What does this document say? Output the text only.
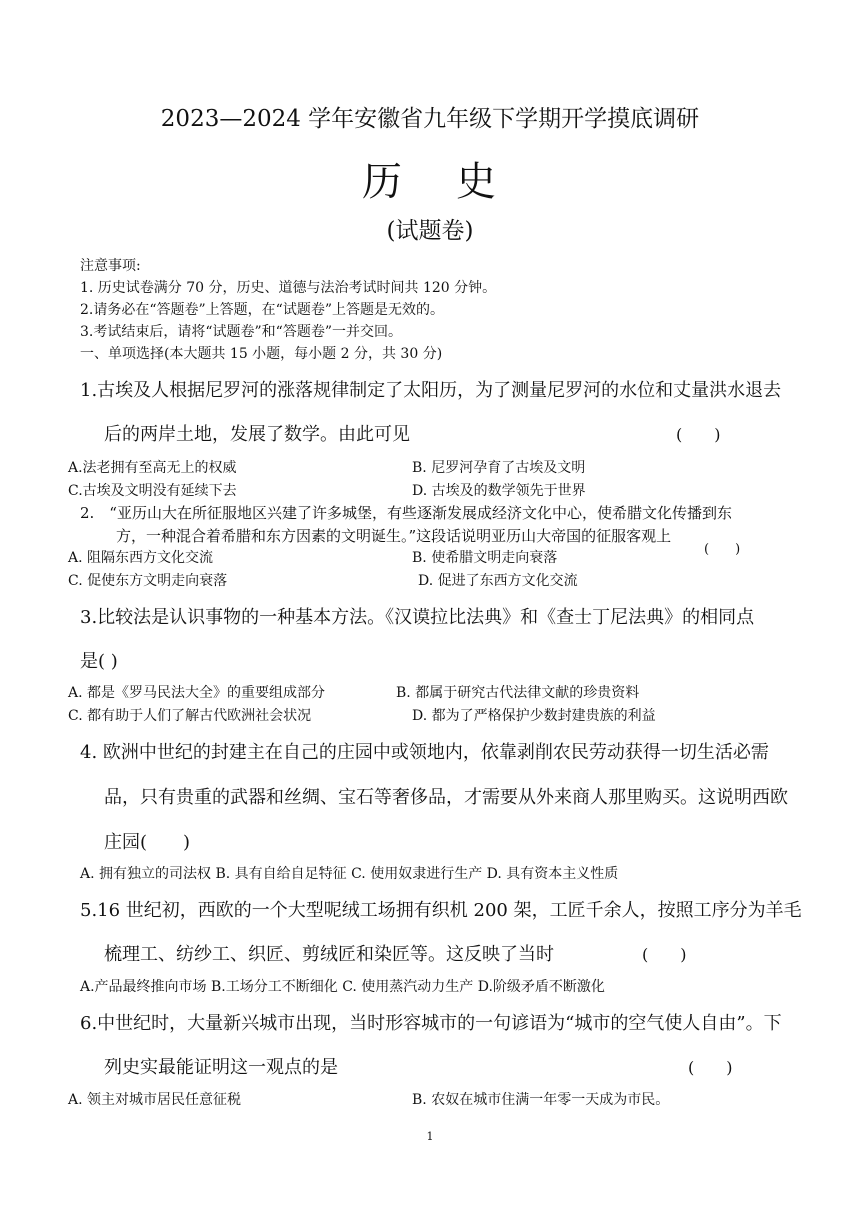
2023—2024 学年安徽省九年级下学期开学摸底调研
历 史
(试题卷)
注意事项:
1. 历史试卷满分 70 分，历史、道德与法治考试时间共 120 分钟。
2.请务必在“答题卷”上答题，在“试题卷”上答题是无效的。
3.考试结束后，请将“试题卷”和“答题卷”一并交回。
一、单项选择(本大题共 15 小题，每小题 2 分，共 30 分)
1.古埃及人根据尼罗河的涨落规律制定了太阳历，为了测量尼罗河的水位和丈量洪水退去
后的两岸土地，发展了数学。由此可见	(　　)
A.法老拥有至高无上的权威	B. 尼罗河孕育了古埃及文明
C.古埃及文明没有延续下去	D. 古埃及的数学领先于世界
2.　“亚历山大在所征服地区兴建了许多城堡，有些逐渐发展成经济文化中心，使希腊文化传播到东
方，一种混合着希腊和东方因素的文明诞生。”这段话说明亚历山大帝国的征服客观上
(　　)
A. 阻隔东西方文化交流	B. 使希腊文明走向衰落
C. 促使东方文明走向衰落	D. 促进了东西方文化交流
3.比较法是认识事物的一种基本方法。《汉谟拉比法典》和《查士丁尼法典》的相同点
是( )
A. 都是《罗马民法大全》的重要组成部分	B. 都属于研究古代法律文献的珍贵资料
C. 都有助于人们了解古代欧洲社会状况	D. 都为了严格保护少数封建贵族的利益
4. 欧洲中世纪的封建主在自己的庄园中或领地内，依靠剥削农民劳动获得一切生活必需
品，只有贵重的武器和丝绸、宝石等奢侈品，才需要从外来商人那里购买。这说明西欧
庄园(　　)
A. 拥有独立的司法权 B. 具有自给自足特征 C. 使用奴隶进行生产 D. 具有资本主义性质
5.16 世纪初，西欧的一个大型呢绒工场拥有织机 200 架，工匠千余人，按照工序分为羊毛
梳理工、纺纱工、织匠、剪绒匠和染匠等。这反映了当时	(　　)
A.产品最终推向市场 B.工场分工不断细化 C. 使用蒸汽动力生产 D.阶级矛盾不断激化
6.中世纪时，大量新兴城市出现，当时形容城市的一句谚语为“城市的空气使人自由”。下
列史实最能证明这一观点的是	(　　)
A. 领主对城市居民任意征税	B. 农奴在城市住满一年零一天成为市民。
1
